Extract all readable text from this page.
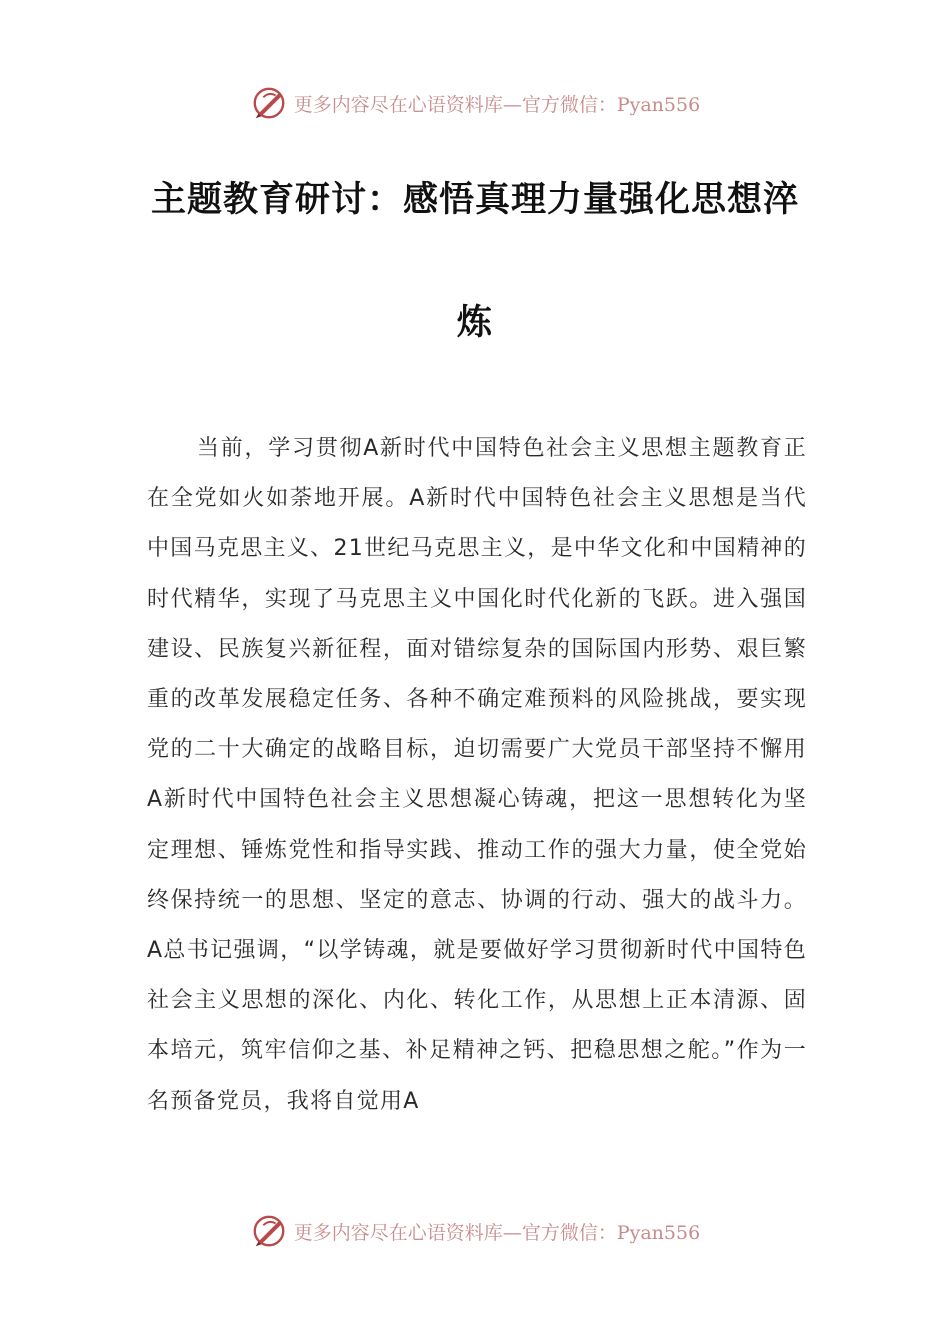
更多内容尽在心语资料库—官方微信：Pyan556
主题教育研讨：感悟真理力量强化思想淬
炼

当前，学习贯彻A新时代中国特色社会主义思想主题教育正在全党如火如荼地开展。A新时代中国特色社会主义思想是当代中国马克思主义、21世纪马克思主义，是中华文化和中国精神的时代精华，实现了马克思主义中国化时代化新的飞跃。进入强国建设、民族复兴新征程，面对错综复杂的国际国内形势、艰巨繁重的改革发展稳定任务、各种不确定难预料的风险挑战，要实现党的二十大确定的战略目标，迫切需要广大党员干部坚持不懈用A新时代中国特色社会主义思想凝心铸魂，把这一思想转化为坚定理想、锤炼党性和指导实践、推动工作的强大力量，使全党始终保持统一的思想、坚定的意志、协调的行动、强大的战斗力。A总书记强调，“以学铸魂，就是要做好学习贯彻新时代中国特色社会主义思想的深化、内化、转化工作，从思想上正本清源、固本培元，筑牢信仰之基、补足精神之钙、把稳思想之舵。”作为一名预备党员，我将自觉用A

更多内容尽在心语资料库—官方微信：Pyan556
